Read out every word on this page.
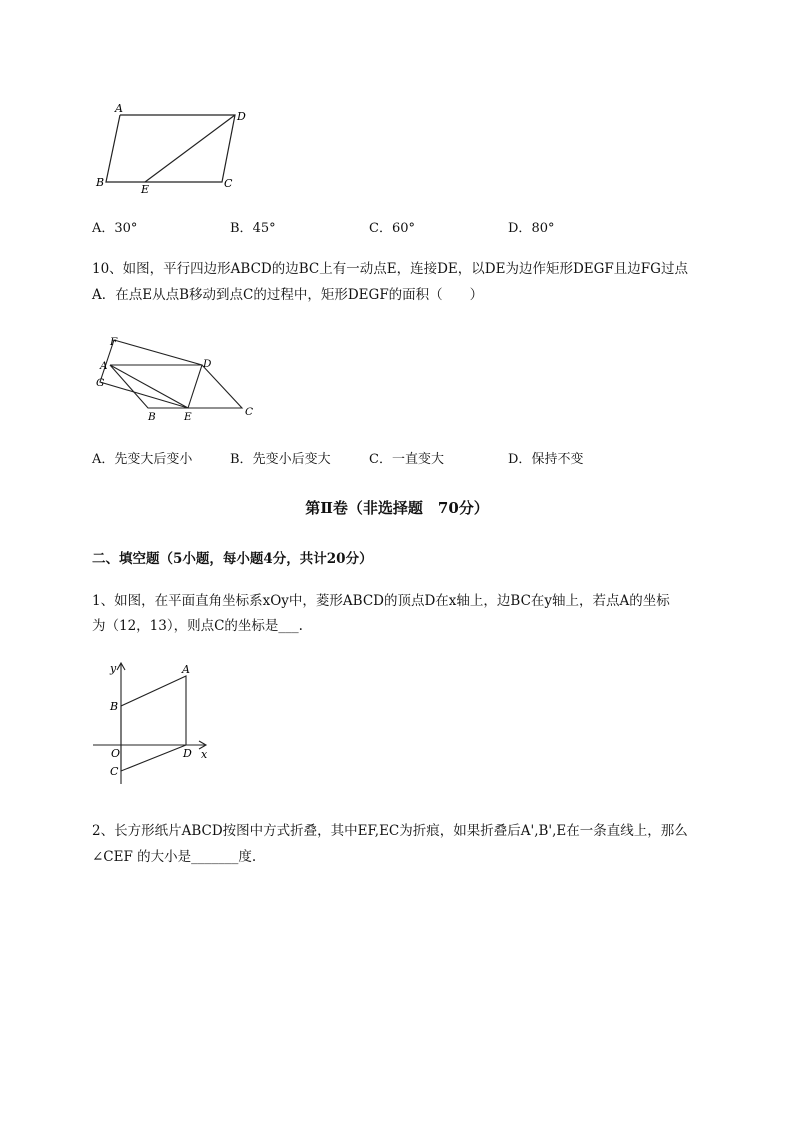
A
D
B	C
E
A．30°	B．45°	C．60°	D．80°
10、如图，平行四边形ABCD的边BC上有一动点E，连接DE，以DE为边作矩形DEGF且边FG过点
A．在点E从点B移动到点C的过程中，矩形DEGF的面积（　　）
F
A
G
D
B	E	C
A．先变大后变小	B．先变小后变大	C．一直变大	D．保持不变
第Ⅱ卷（非选择题　70分）
二、填空题（5小题，每小题4分，共计20分）
1、如图，在平面直角坐标系xOy中，菱形ABCD的顶点D在x轴上，边BC在y轴上，若点A的坐标
为（12，13），则点C的坐标是___.
y	A
B
O	D x
C
2、长方形纸片ABCD按图中方式折叠，其中EF,EC为折痕，如果折叠后A',B',E在一条直线上，那么
∠CEF 的大小是_______度.
